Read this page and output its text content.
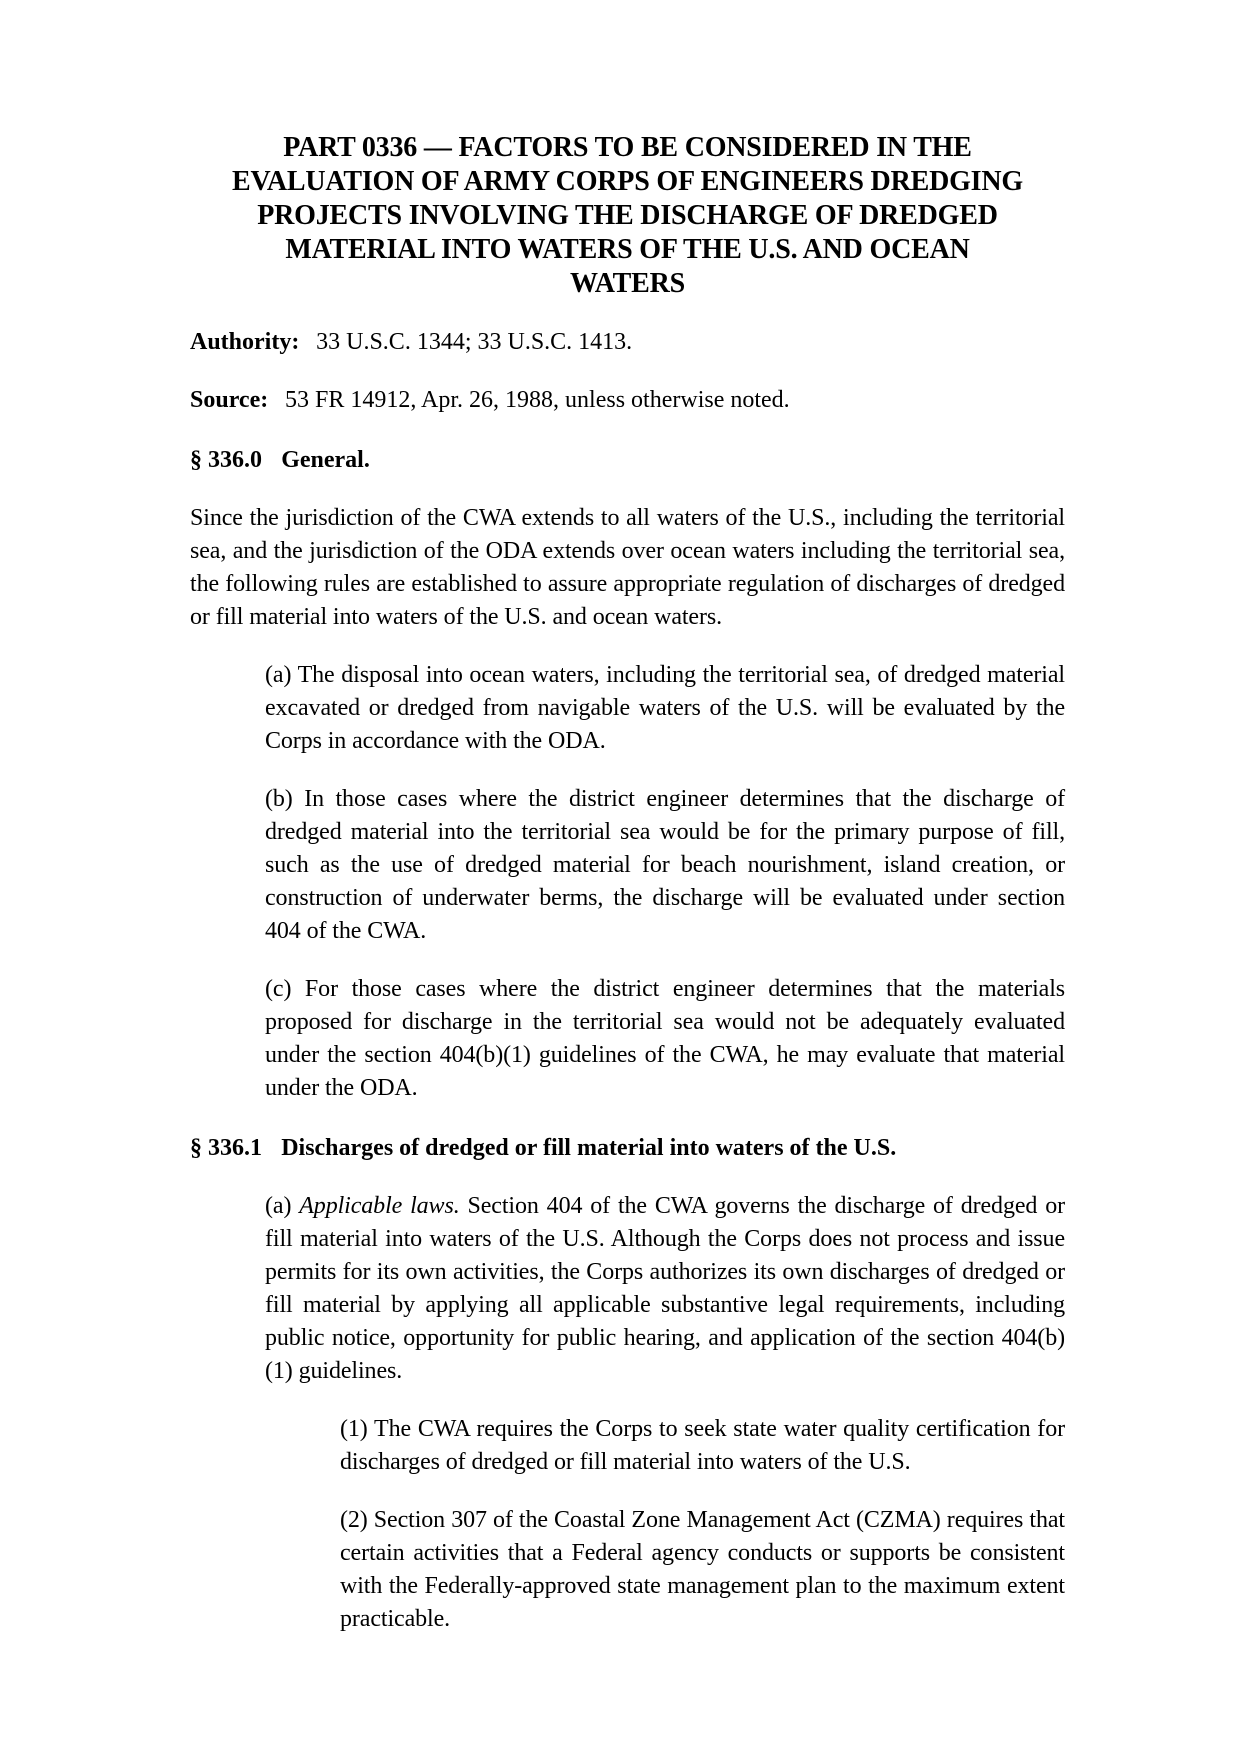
PART 0336 — FACTORS TO BE CONSIDERED IN THE
EVALUATION OF ARMY CORPS OF ENGINEERS DREDGING
PROJECTS INVOLVING THE DISCHARGE OF DREDGED
MATERIAL INTO WATERS OF THE U.S. AND OCEAN
WATERS

Authority: 33 U.S.C. 1344; 33 U.S.C. 1413.

Source: 53 FR 14912, Apr. 26, 1988, unless otherwise noted.

§ 336.0 General.

Since the jurisdiction of the CWA extends to all waters of the U.S., including the territorial sea, and the jurisdiction of the ODA extends over ocean waters including the territorial sea, the following rules are established to assure appropriate regulation of discharges of dredged or fill material into waters of the U.S. and ocean waters.

(a) The disposal into ocean waters, including the territorial sea, of dredged material excavated or dredged from navigable waters of the U.S. will be evaluated by the Corps in accordance with the ODA.

(b) In those cases where the district engineer determines that the discharge of dredged material into the territorial sea would be for the primary purpose of fill, such as the use of dredged material for beach nourishment, island creation, or construction of underwater berms, the discharge will be evaluated under section 404 of the CWA.

(c) For those cases where the district engineer determines that the materials proposed for discharge in the territorial sea would not be adequately evaluated under the section 404(b)(1) guidelines of the CWA, he may evaluate that material under the ODA.

§ 336.1 Discharges of dredged or fill material into waters of the U.S.

(a) Applicable laws. Section 404 of the CWA governs the discharge of dredged or fill material into waters of the U.S. Although the Corps does not process and issue permits for its own activities, the Corps authorizes its own discharges of dredged or fill material by applying all applicable substantive legal requirements, including public notice, opportunity for public hearing, and application of the section 404(b)(1) guidelines.

(1) The CWA requires the Corps to seek state water quality certification for discharges of dredged or fill material into waters of the U.S.

(2) Section 307 of the Coastal Zone Management Act (CZMA) requires that certain activities that a Federal agency conducts or supports be consistent with the Federally-approved state management plan to the maximum extent practicable.
